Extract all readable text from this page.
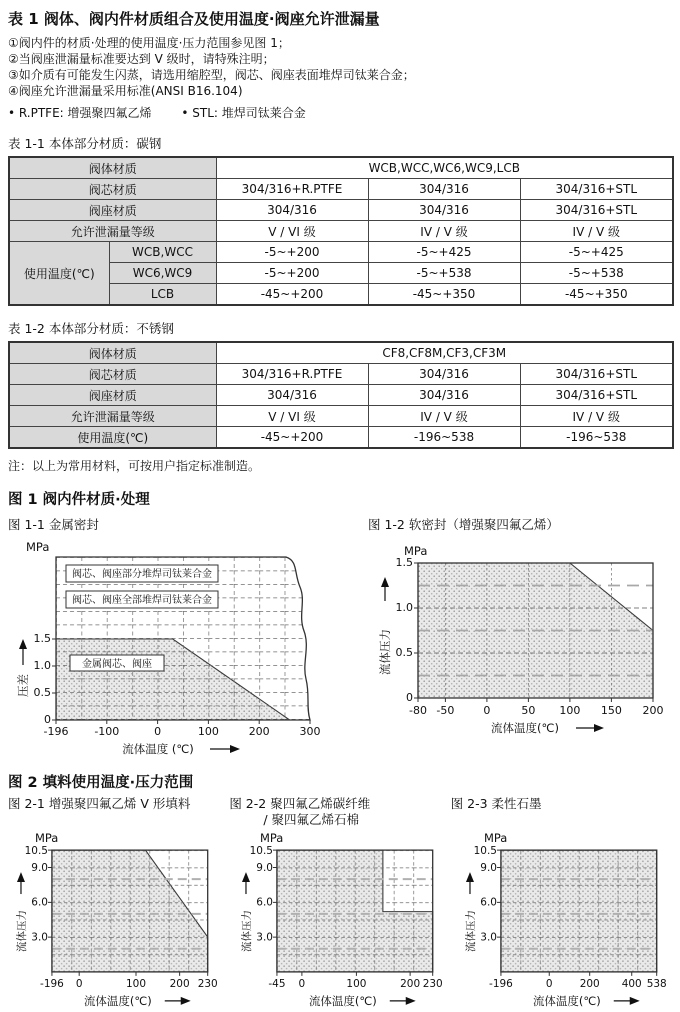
表 1 阀体、阀内件材质组合及使用温度·阀座允许泄漏量
①阀内件的材质·处理的使用温度·压力范围参见图 1；
②当阀座泄漏量标准要达到 V 级时，请特殊注明；
③如介质有可能发生闪蒸，请选用缩腔型，阀芯、阀座表面堆焊司钛莱合金；
④阀座允许泄漏量采用标准(ANSI B16.104)
• R.PTFE: 增强聚四氟乙烯 • STL: 堆焊司钛莱合金
表 1-1 本体部分材质：碳钢
阀体材质		WCB,WCC,WC6,WC9,LCB		
阀芯材质		304/316+R.PTFE	304/316	304/316+STL
阀座材质		304/316	304/316	304/316+STL
允许泄漏量等级		V / VI 级	IV / V 级	IV / V 级
使用温度(℃)	WCB,WCC	-5~+200	-5~+425	-5~+425
	WC6,WC9	-5~+200	-5~+538	-5~+538
	LCB	-45~+200	-45~+350	-45~+350
表 1-2 本体部分材质：不锈钢
阀体材质	CF8,CF8M,CF3,CF3M		
阀芯材质	304/316+R.PTFE	304/316	304/316+STL
阀座材质	304/316	304/316	304/316+STL
允许泄漏量等级	V / VI 级	IV / V 级	IV / V 级
使用温度(℃)	-45~+200	-196~538	-196~538
注：以上为常用材料，可按用户指定标准制造。
图 1 阀内件材质·处理
图 1-1 金属密封
阀芯、阀座部分堆焊司钛莱合金
阀芯、阀座全部堆焊司钛莱合金
金属阀芯、阀座
0
0.5
1.0
1.5
-196 -100	0	100	200	300
MPa
压差
流体温度 (℃)
图 1-2 软密封（增强聚四氟乙烯）
0
0.5
1.0
1.5
-80 -50	0	50 100 150 200
MPa
流体压力
流体温度(℃)
图 2 填料使用温度·压力范围
图 2-1 增强聚四氟乙烯 V 形填料	图 2-2 聚四氟乙烯碳纤维
/ 聚四氟乙烯石棉
图 2-3 柔性石墨
3.0
6.0
9.0
10.5
-196 0	100 200 230
MPa
流体压力
流体温度(℃)
3.0
6.0
9.0
10.5
-45 0	100	200 230
MPa
流体压力
流体温度(℃)
3.0
6.0
9.0
10.5
-196	0	200 400 538
MPa
流体压力
流体温度(℃)
